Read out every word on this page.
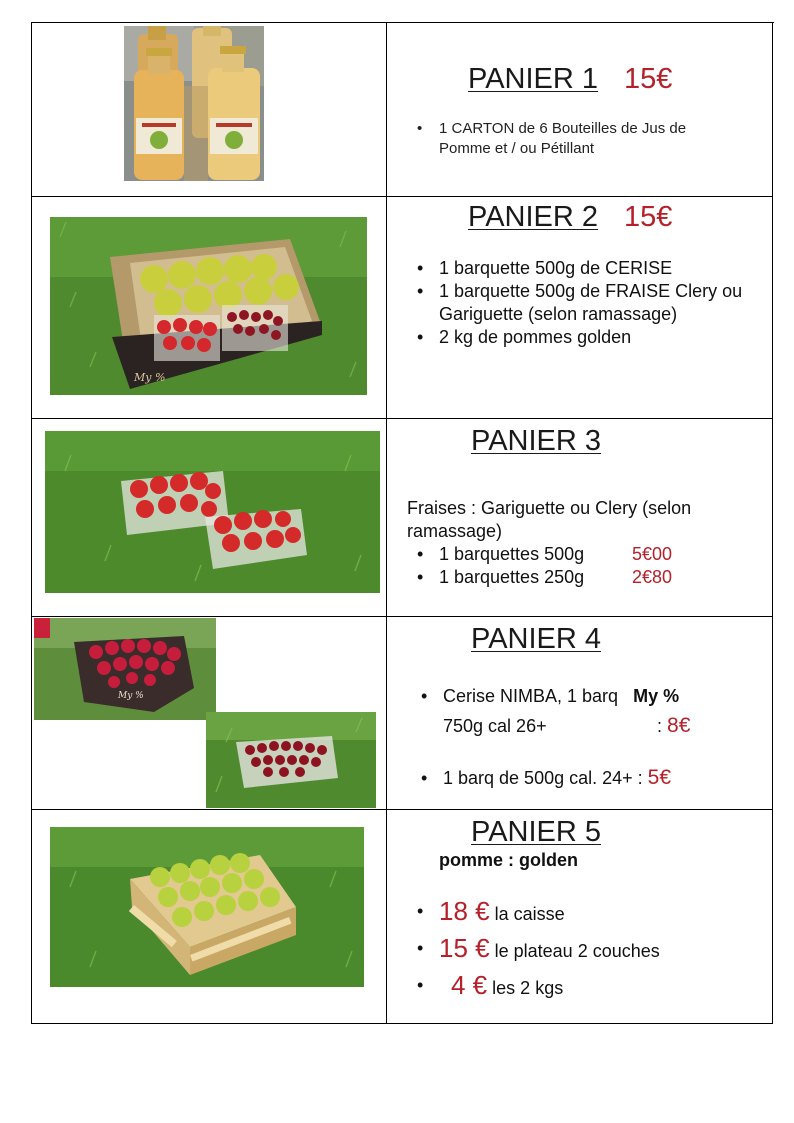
PANIER 1 15€
• 1 CARTON de 6 Bouteilles de Jus de Pomme et / ou Pétillant
My %
PANIER 2 15€
• 1 barquette 500g de CERISE
• 1 barquette 500g de FRAISE Clery ou Gariguette (selon ramassage)
• 2 kg de pommes golden
PANIER 3
Fraises : Gariguette ou Clery (selon ramassage)
• 1 barquettes 500g	5€00
• 1 barquettes 250g	2€80
My %
PANIER 4
• Cerise NIMBA, 1 barq My %
750g cal 26+	: 8€
• 1 barq de 500g cal. 24+ : 5€
PANIER 5
pomme : golden
• 18 € la caisse
• 15 € le plateau 2 couches
• 4 € les 2 kgs
